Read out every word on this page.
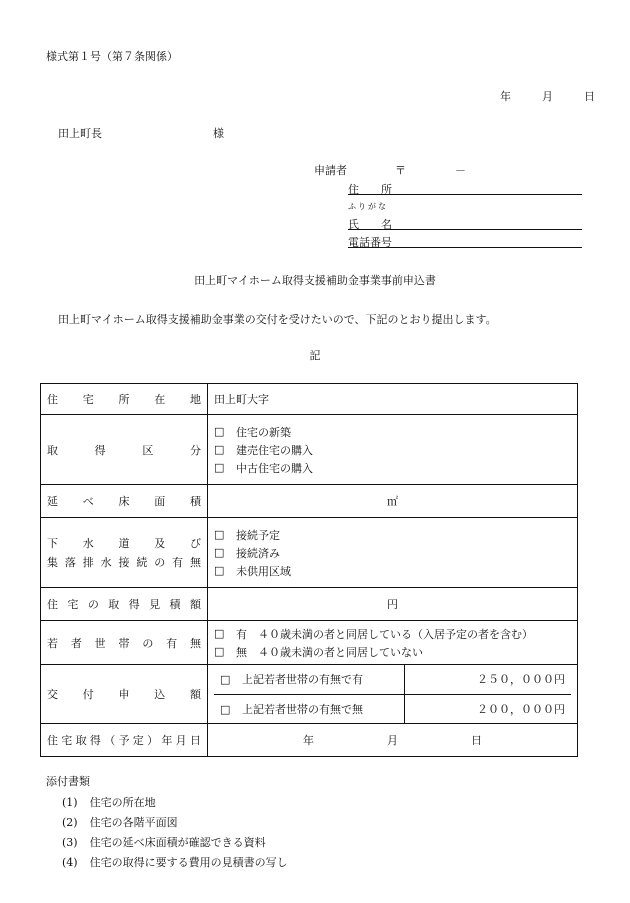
様式第１号（第７条関係）
年	月	日
田上町長	様
申請者	〒	－
住　　所
ふりがな
氏　　名
電話番号
田上町マイホーム取得支援補助金事業事前申込書
田上町マイホーム取得支援補助金事業の交付を受けたいので、下記のとおり提出します。
記
住 宅 所 在 地	田上町大字

取	得	区	分

□	住宅の新築
□	建売住宅の購入
□	中古住宅の購入

延 べ 床 面 積	㎡

下 水 道 及 び
集 落 排 水 接 続 の 有 無

□	接続予定
□	接続済み
□	未供用区域

住 宅 の 取 得 見 積 額	円

若 者 世 帯 の 有 無

□	有　４０歳未満の者と同居している（入居予定の者を含む）
□	無　４０歳未満の者と同居していない

交 付 申 込 額

□ 上記若者世帯の有無で有	２５０，０００円
□ 上記若者世帯の有無で無	２００，０００円

住 宅 取 得 （ 予 定 ） 年 月 日	年	月	日
添付書類
(1) 住宅の所在地
(2) 住宅の各階平面図
(3) 住宅の延べ床面積が確認できる資料
(4) 住宅の取得に要する費用の見積書の写し
